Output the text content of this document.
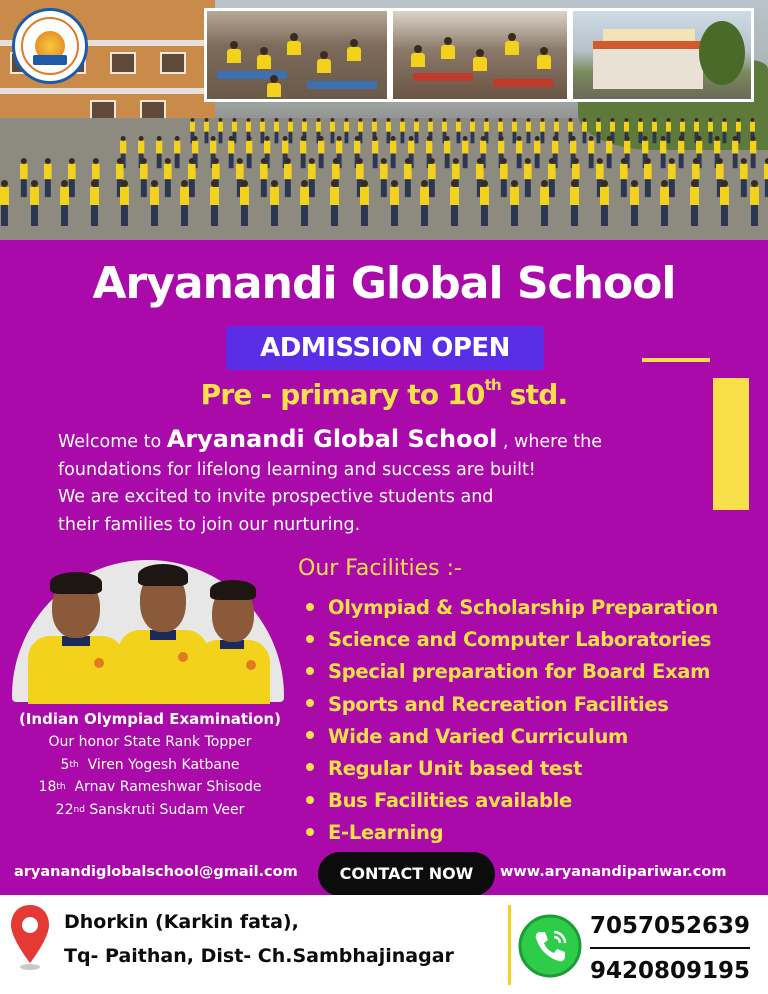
Aryanandi Global School
ADMISSION OPEN
Pre - primary to 10th std.
Welcome to Aryanandi Global School , where the
foundations for lifelong learning and success are built!
We are excited to invite prospective students and
their families to join our nurturing.
Our Facilities :-
Olympiad & Scholarship Preparation
Science and Computer Laboratories
Special preparation for Board Exam
Sports and Recreation Facilities
Wide and Varied Curriculum
Regular Unit based test
Bus Facilities available
E-Learning
(Indian Olympiad Examination)
Our honor State Rank Topper
5th  Viren Yogesh Katbane
18th  Arnav Rameshwar Shisode
22nd Sanskruti Sudam Veer
aryanandiglobalschool@gmail.com	CONTACT NOW	www.aryanandipariwar.com
Dhorkin (Karkin fata),
Tq- Paithan, Dist- Ch.Sambhajinagar
7057052639
9420809195
